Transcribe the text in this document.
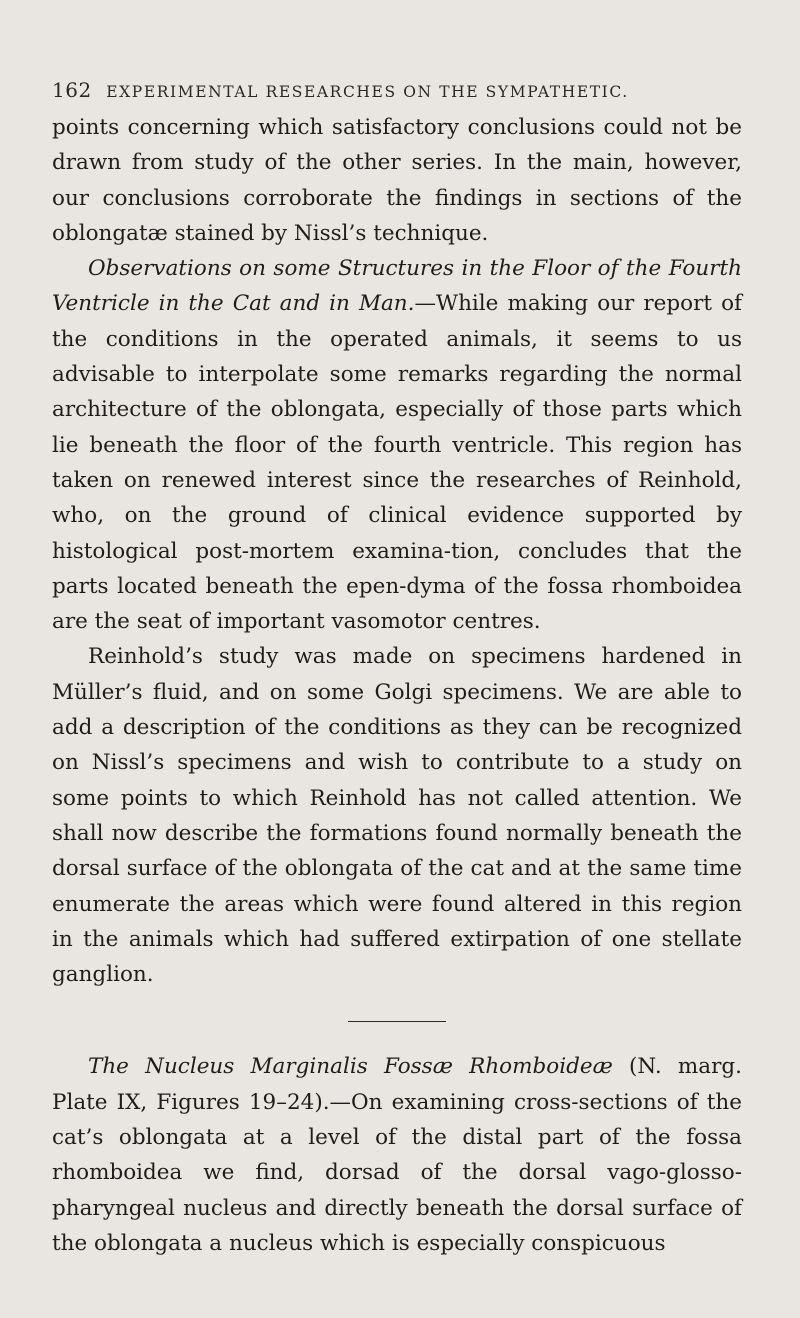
162 EXPERIMENTAL RESEARCHES ON THE SYMPATHETIC.

points concerning which satisfactory conclusions could not be drawn from study of the other series. In the main, however, our conclusions corroborate the findings in sections of the oblongatæ stained by Nissl’s technique.

Observations on some Structures in the Floor of the Fourth Ventricle in the Cat and in Man.—While making our report of the conditions in the operated animals, it seems to us advisable to interpolate some remarks regarding the normal architecture of the oblongata, especially of those parts which lie beneath the floor of the fourth ventricle. This region has taken on renewed interest since the researches of Reinhold, who, on the ground of clinical evidence supported by histological post-mortem examina-tion, concludes that the parts located beneath the epen-dyma of the fossa rhomboidea are the seat of important vasomotor centres.

Reinhold’s study was made on specimens hardened in Müller’s fluid, and on some Golgi specimens. We are able to add a description of the conditions as they can be recognized on Nissl’s specimens and wish to contribute to a study on some points to which Reinhold has not called attention. We shall now describe the formations found normally beneath the dorsal surface of the oblongata of the cat and at the same time enumerate the areas which were found altered in this region in the animals which had suffered extirpation of one stellate ganglion.

The Nucleus Marginalis Fossæ Rhomboideæ (N. marg. Plate IX, Figures 19–24).—On examining cross-sections of the cat’s oblongata at a level of the distal part of the fossa rhomboidea we find, dorsad of the dorsal vago-glosso-pharyngeal nucleus and directly beneath the dorsal surface of the oblongata a nucleus which is especially conspicuous
